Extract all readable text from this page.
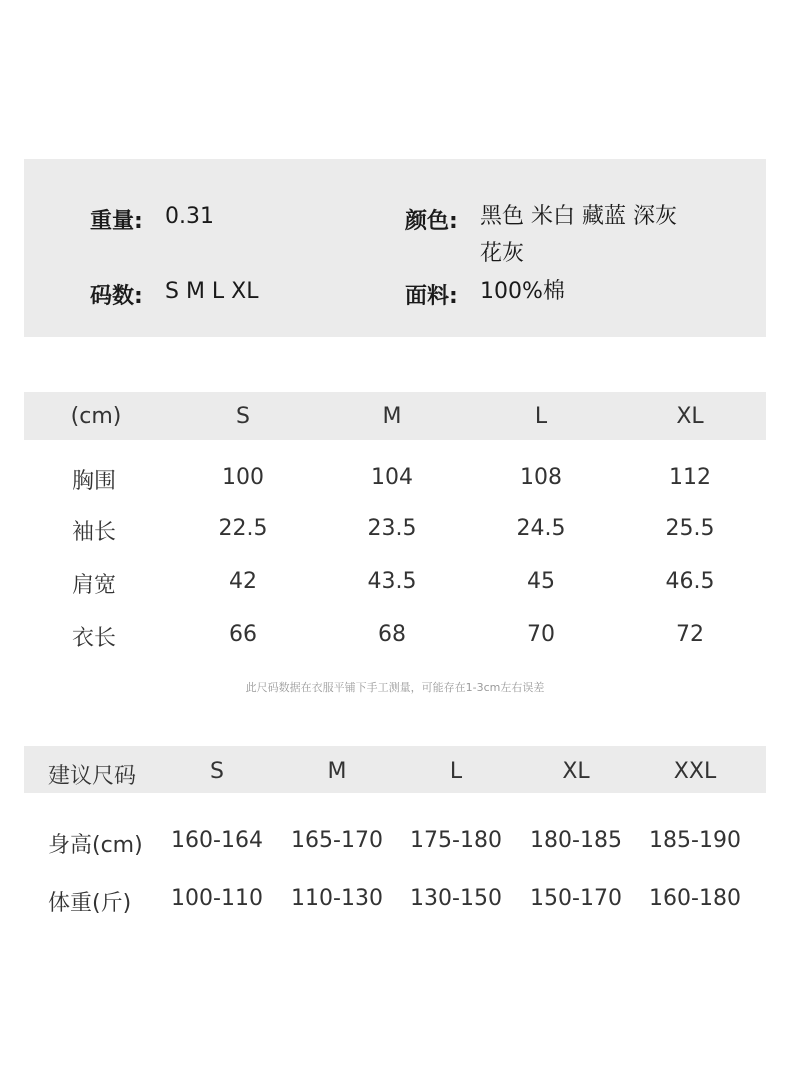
重量: 0.31
码数: S M L XL
颜色: 黑色 米白 藏蓝 深灰
花灰
面料: 100%棉
(cm)	S	M	L	XL
胸围	100	104	108	112
袖长	22.5	23.5	24.5	25.5
肩宽	42	43.5	45	46.5
衣长	66	68	70	72
此尺码数据在衣服平铺下手工测量，可能存在1-3cm左右误差
建议尺码	S	M	L	XL	XXL
身高(cm) 160-164 165-170 175-180 180-185 185-190
体重(斤) 100-110 110-130 130-150 150-170 160-180
